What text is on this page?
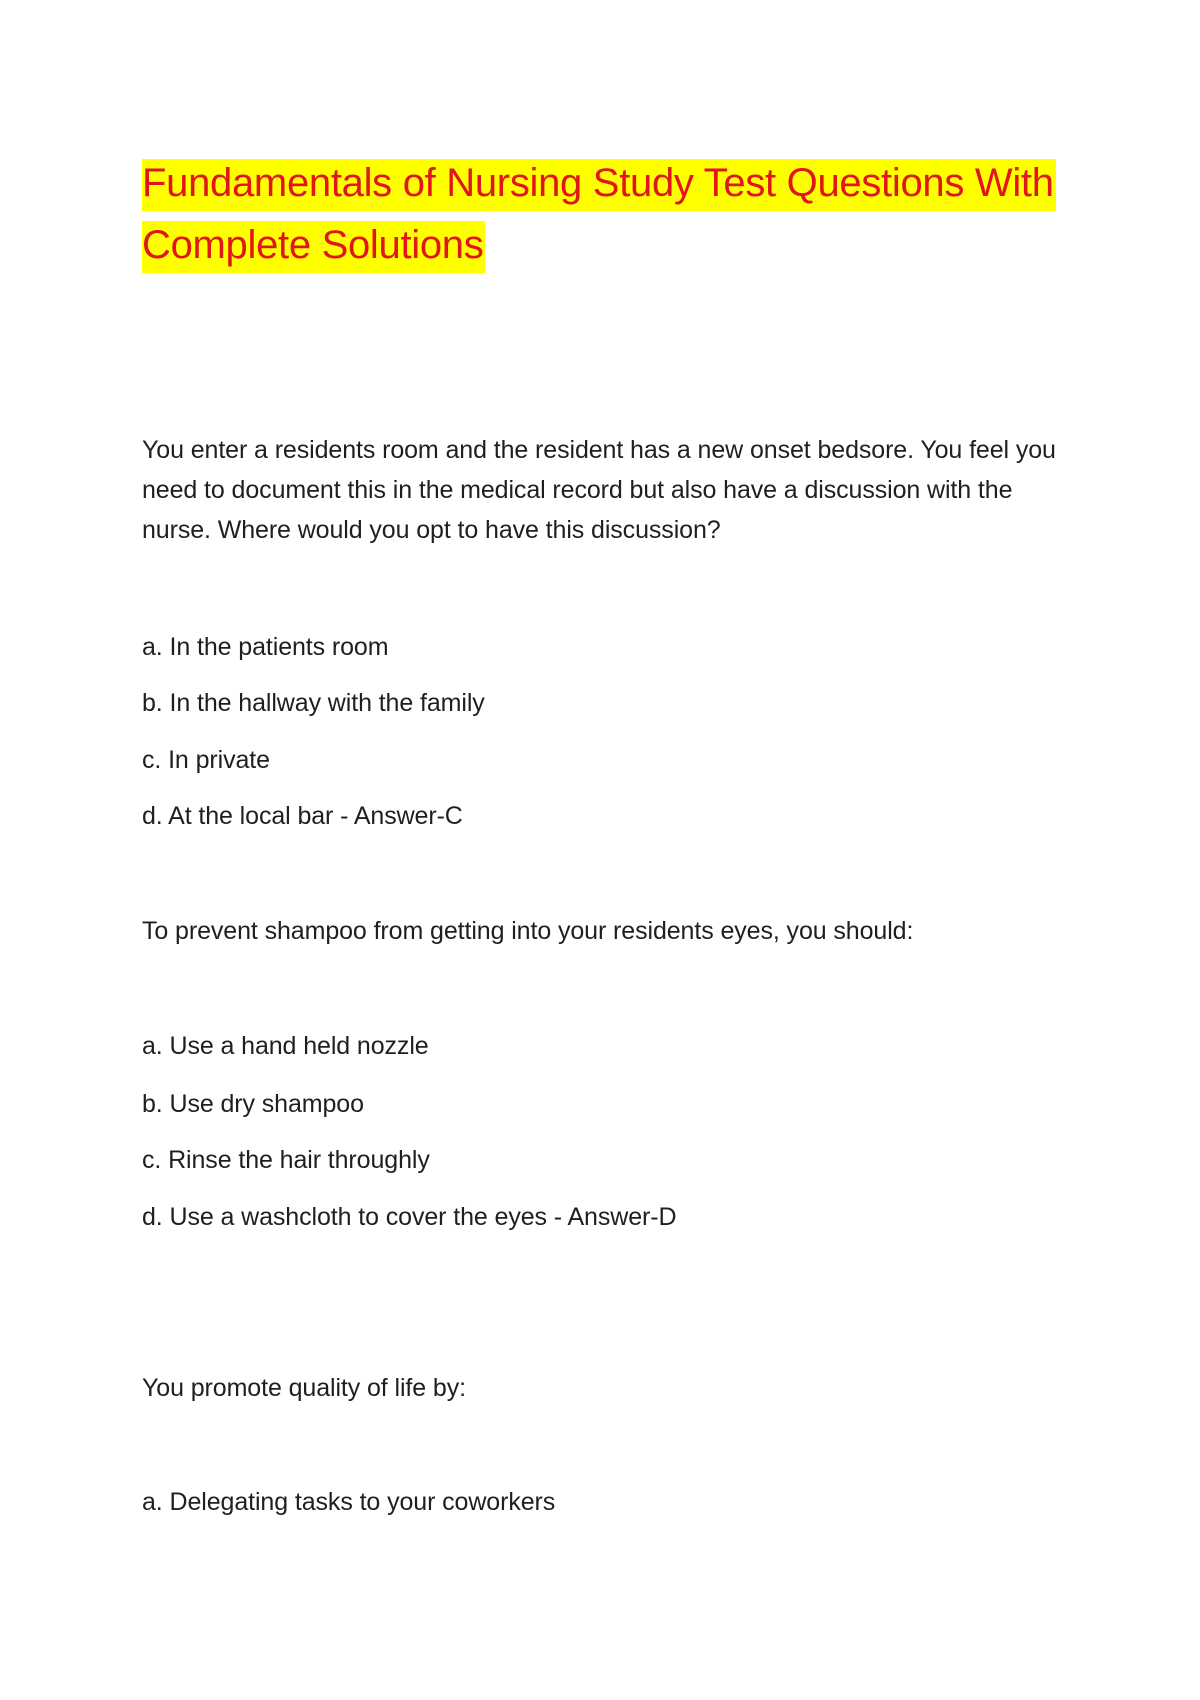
Fundamentals of Nursing Study Test Questions With
Complete Solutions

You enter a residents room and the resident has a new onset bedsore. You feel you need to document this in the medical record but also have a discussion with the nurse. Where would you opt to have this discussion?

a. In the patients room

b. In the hallway with the family

c. In private

d. At the local bar - Answer-C

To prevent shampoo from getting into your residents eyes, you should:

a. Use a hand held nozzle

b. Use dry shampoo

c. Rinse the hair throughly

d. Use a washcloth to cover the eyes - Answer-D

You promote quality of life by:

a. Delegating tasks to your coworkers
